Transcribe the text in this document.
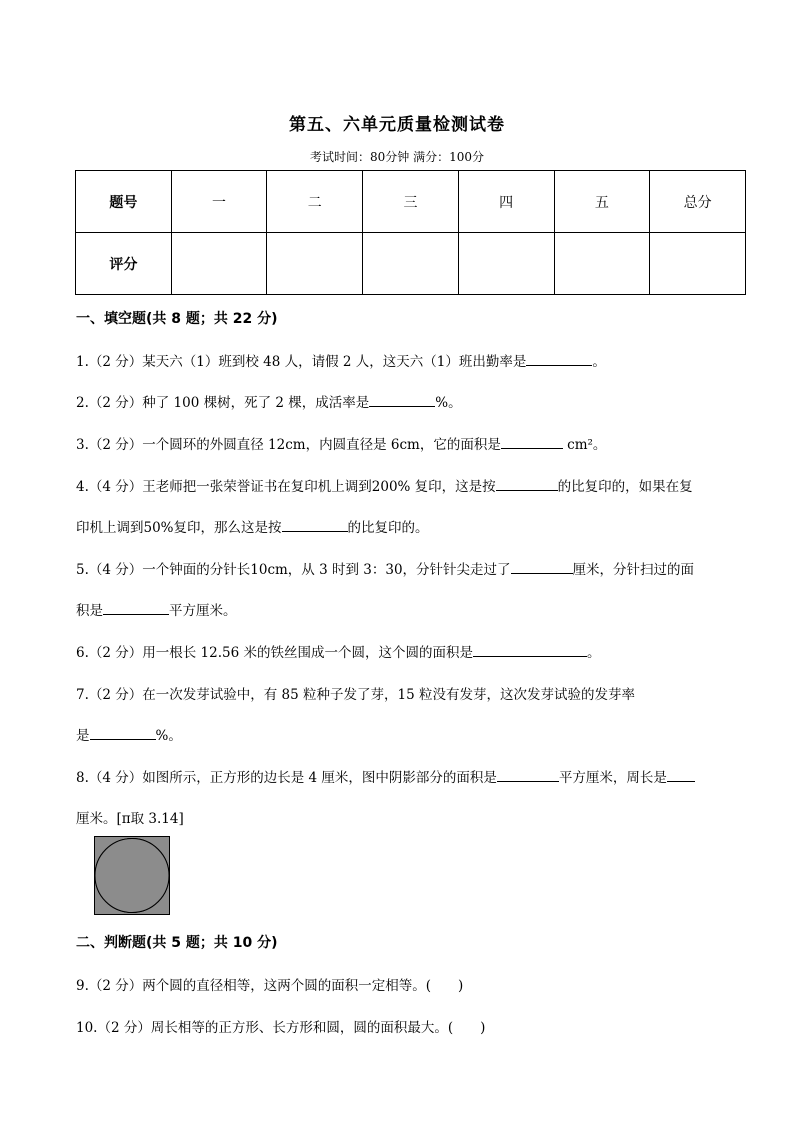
第五、六单元质量检测试卷
考试时间：80分钟 满分：100分
题号	一	二	三	四	五	总分
评分						
一、填空题(共 8 题；共 22 分)
1.（2 分）某天六（1）班到校 48 人，请假 2 人，这天六（1）班出勤率是	。
2.（2 分）种了 100 棵树，死了 2 棵，成活率是	%。
3.（2 分）一个圆环的外圆直径 12cm，内圆直径是 6cm，它的面积是	cm²。
4.（4 分）王老师把一张荣誉证书在复印机上调到200% 复印，这是按	的比复印的，如果在复
印机上调到50%复印，那么这是按	的比复印的。
5.（4 分）一个钟面的分针长10cm，从 3 时到 3：30，分针针尖走过了	厘米，分针扫过的面
积是	平方厘米。
6.（2 分）用一根长 12.56 米的铁丝围成一个圆，这个圆的面积是	。
7.（2 分）在一次发芽试验中，有 85 粒种子发了芽，15 粒没有发芽，这次发芽试验的发芽率
是	%。
8.（4 分）如图所示，正方形的边长是 4 厘米，图中阴影部分的面积是	平方厘米，周长是
厘米。[π取 3.14]
二、判断题(共 5 题；共 10 分)
9.（2 分）两个圆的直径相等，这两个圆的面积一定相等。(　　)
10.（2 分）周长相等的正方形、长方形和圆，圆的面积最大。(　　)
